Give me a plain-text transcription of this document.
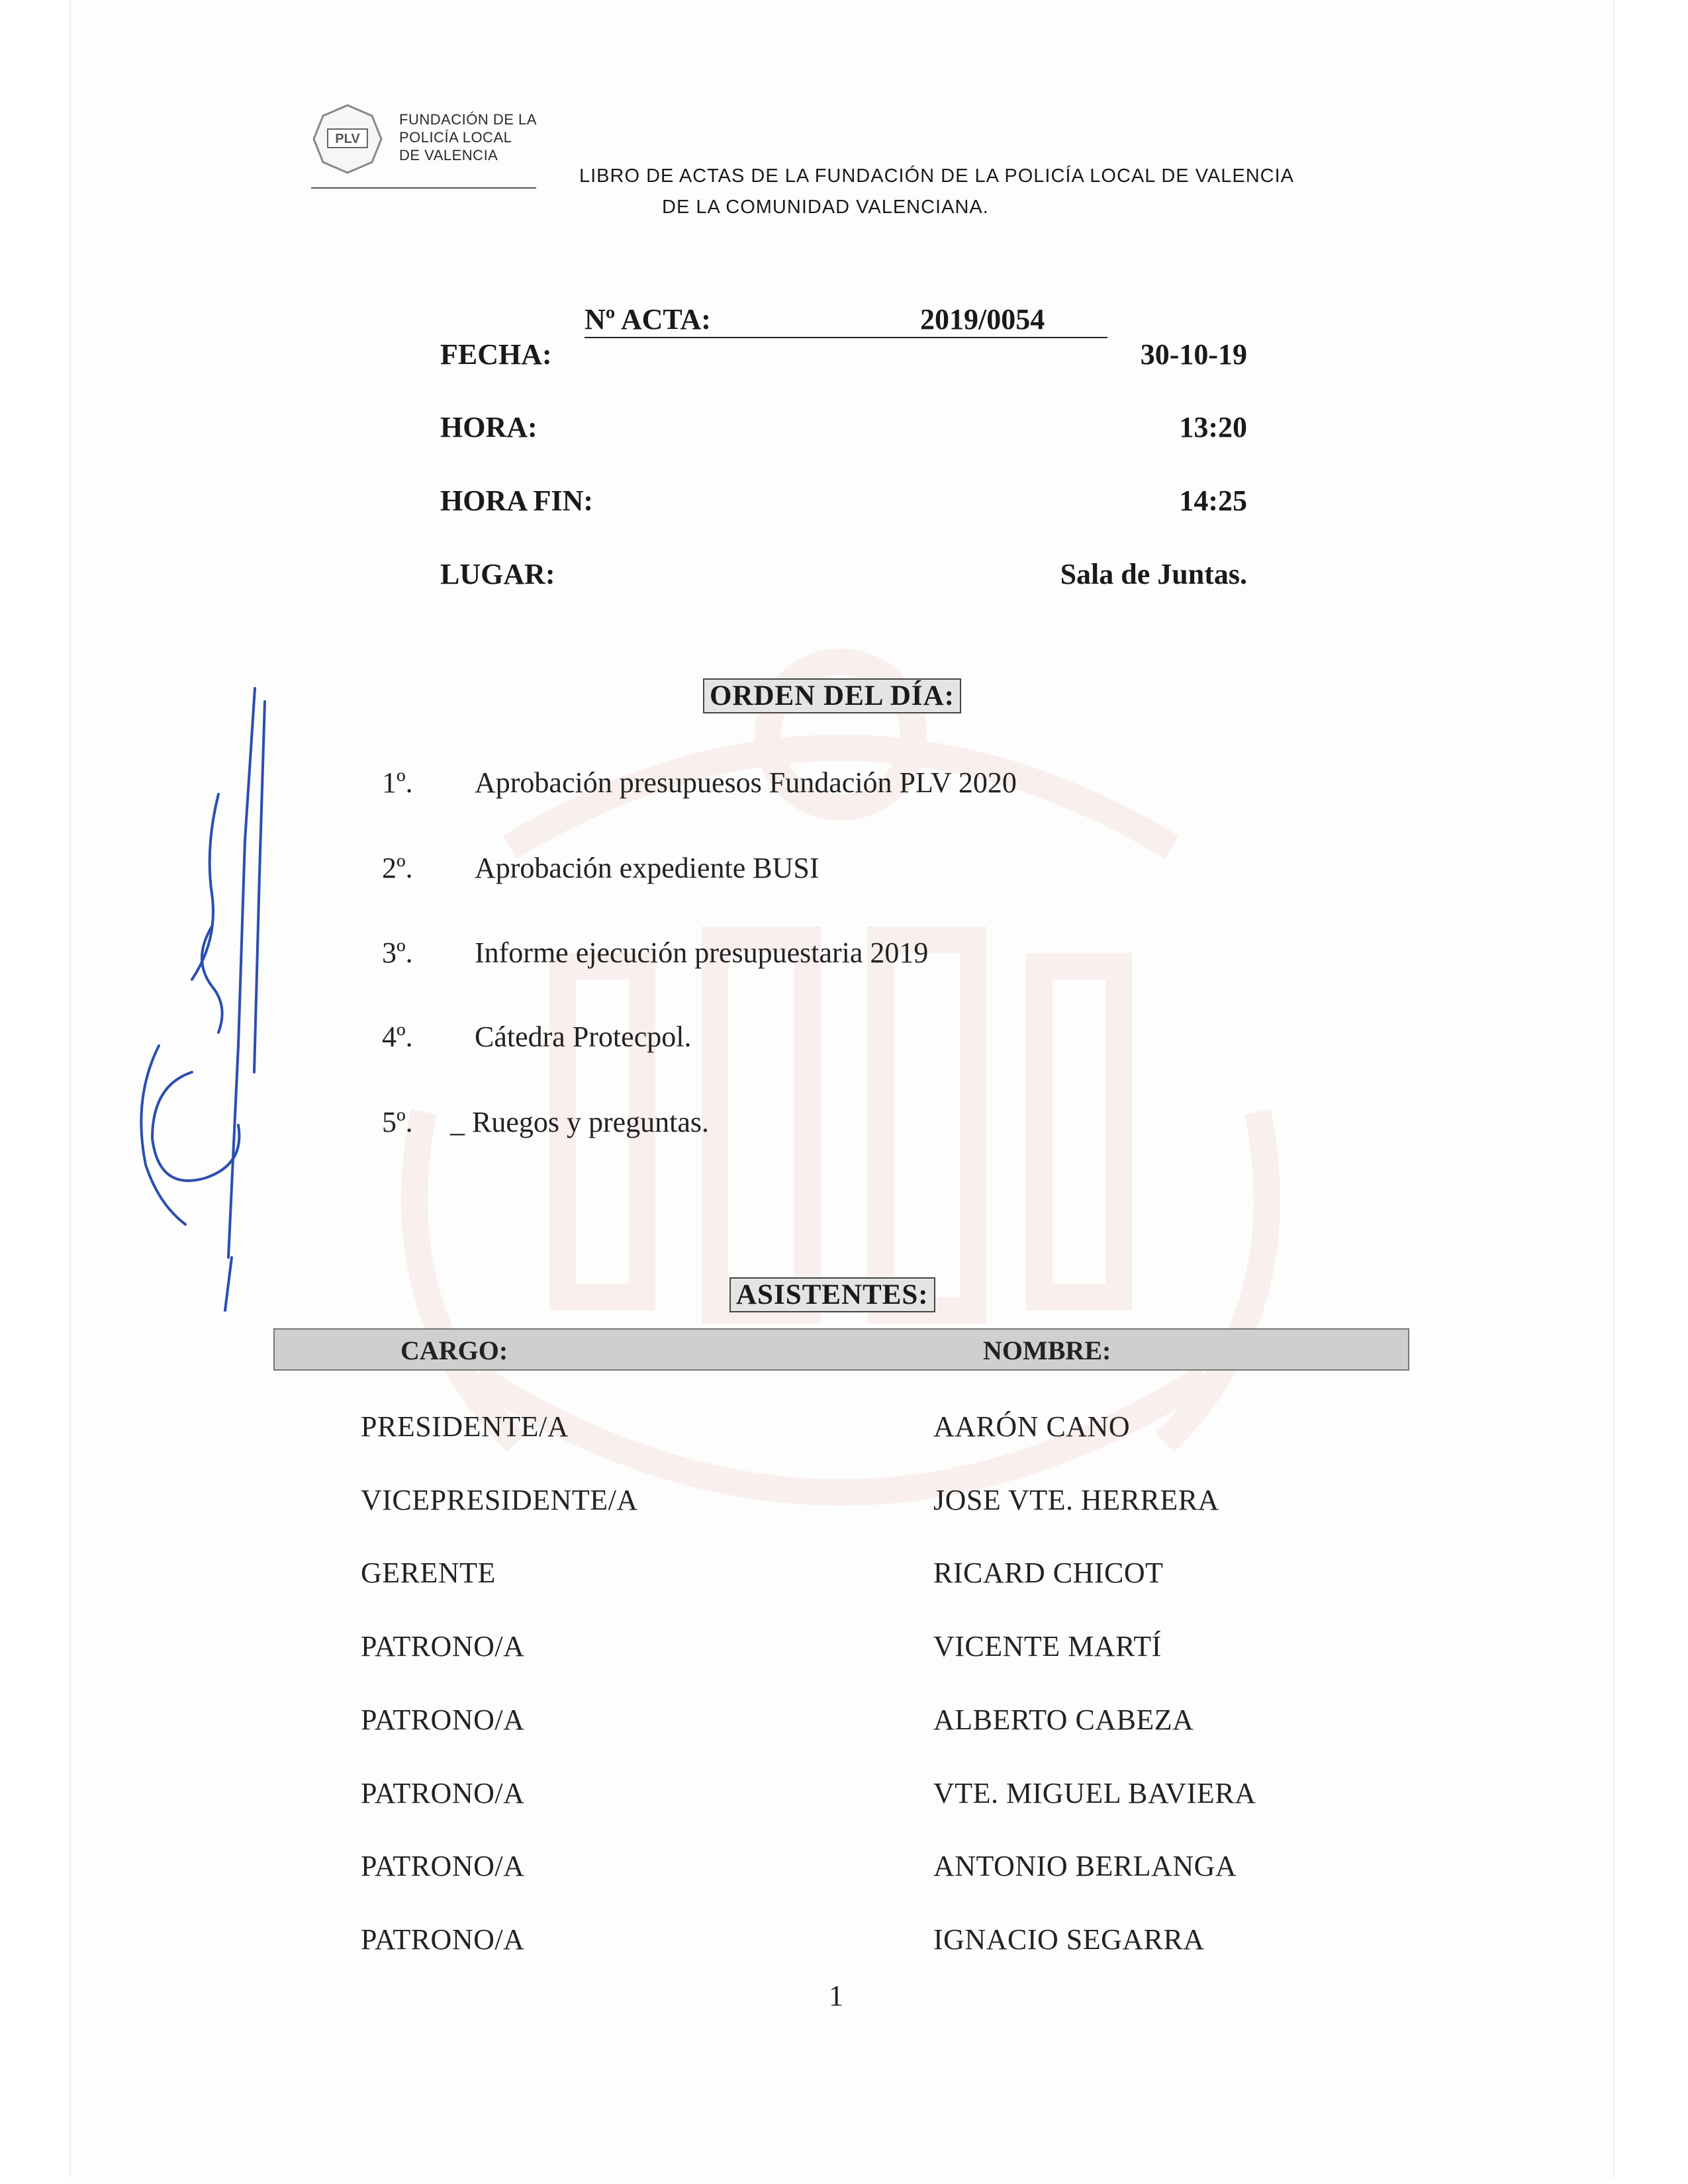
PLV
FUNDACIÓN DE LA
POLICÍA LOCAL
DE VALENCIA
LIBRO DE ACTAS DE LA FUNDACIÓN DE LA POLICÍA LOCAL DE VALENCIA
DE LA COMUNIDAD VALENCIANA.
Nº ACTA:	2019/0054
FECHA:	30-10-19
HORA:	13:20
HORA FIN:	14:25
LUGAR:	Sala de Juntas.
ORDEN DEL DÍA:
1º. Aprobación presupuesos Fundación PLV 2020
2º. Aprobación expediente BUSI
3º. Informe ejecución presupuestaria 2019
4º. Cátedra Protecpol.
5º. _ Ruegos y preguntas.
ASISTENTES:
CARGO:	NOMBRE:
PRESIDENTE/A	AARÓN CANO
VICEPRESIDENTE/A	JOSE VTE. HERRERA
GERENTE	RICARD CHICOT
PATRONO/A	VICENTE MARTÍ
PATRONO/A	ALBERTO CABEZA
PATRONO/A	VTE. MIGUEL BAVIERA
PATRONO/A	ANTONIO BERLANGA
PATRONO/A	IGNACIO SEGARRA
1
